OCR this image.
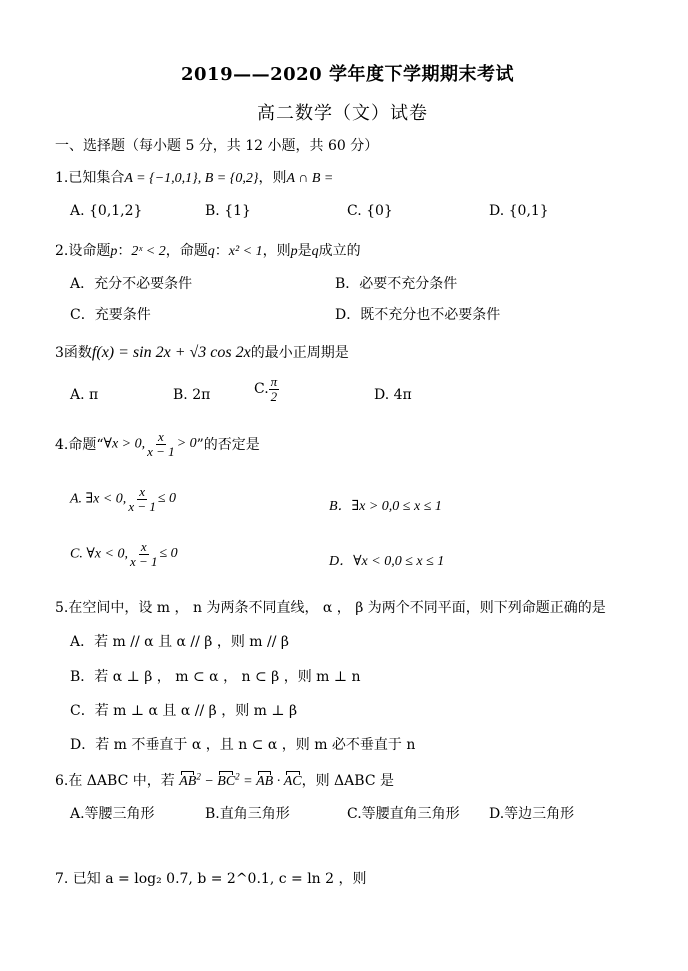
2019——2020 学年度下学期期末考试
高二数学（文）试卷
一、选择题（每小题 5 分，共 12 小题，共 60 分）
1.已知集合A = {−1,0,1}, B = {0,2}，则A ∩ B =
A. {0,1,2}	B. {1}	C. {0}	D. {0,1}
2.设命题p：2ˣ < 2，命题q：x² < 1，则p是q成立的
A．充分不必要条件	B．必要不充分条件
C．充要条件	D．既不充分也不必要条件
3函数f(x) = sin 2x + √3 cos 2x的最小正周期是
A. π	B. 2π	C. $\frac{\pi}{2}$	D. 4π
4.命题“∀x > 0, $\frac{x}{x - 1} > 0$”的否定是
A. ∃x < 0, $\frac{x}{x - 1} \le 0$
B．∃x > 0,0 ≤ x ≤ 1
C. ∀x < 0, $\frac{x}{x - 1} \le 0$
D．∀x < 0,0 ≤ x ≤ 1
5.在空间中，设 m ， n 为两条不同直线， α ， β 为两个不同平面，则下列命题正确的是
A．若 m // α 且 α // β ，则 m // β
B．若 α ⊥ β ， m ⊂ α ， n ⊂ β ，则 m ⊥ n
C．若 m ⊥ α 且 α // β ，则 m ⊥ β
D．若 m 不垂直于 α ，且 n ⊂ α ，则 m 必不垂直于 n
6.在 ΔABC 中，若 $AB^2 - BC^2$ = AB · AC，则 ΔABC 是
A.等腰三角形	B.直角三角形	C.等腰直角三角形 D.等边三角形
7. 已知 a = log₂ 0.7, b = 2^0.1, c = ln 2 ，则
